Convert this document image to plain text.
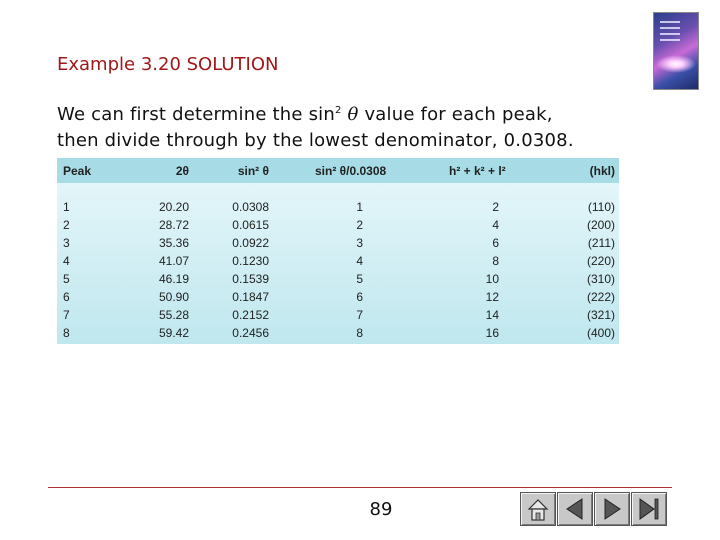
Example 3.20 SOLUTION
We can first determine the $\sin^2 \theta$ value for each peak,
then divide through by the lowest denominator, 0.0308.
Peak	2θ	sin² θ	sin² θ/0.0308	h² + k² + l²	(hkl)
1	20.20	0.0308	1	2	(110)
2	28.72	0.0615	2	4	(200)
3	35.36	0.0922	3	6	(211)
4	41.07	0.1230	4	8	(220)
5	46.19	0.1539	5	10	(310)
6	50.90	0.1847	6	12	(222)
7	55.28	0.2152	7	14	(321)
8	59.42	0.2456	8	16	(400)
89
